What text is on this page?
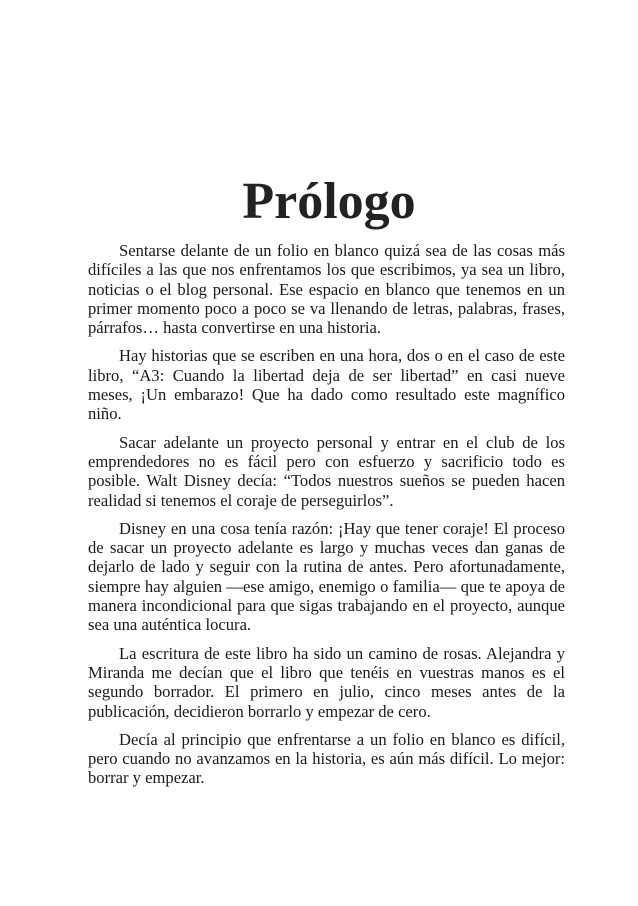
Prólogo

Sentarse delante de un folio en blanco quizá sea de las cosas más difíciles a las que nos enfrentamos los que escribimos, ya sea un libro, noticias o el blog personal. Ese espacio en blanco que tenemos en un primer momento poco a poco se va llenando de letras, palabras, frases, párrafos… hasta convertirse en una historia.

Hay historias que se escriben en una hora, dos o en el caso de este libro, “A3: Cuando la libertad deja de ser libertad” en casi nueve meses, ¡Un embarazo! Que ha dado como resultado este magnífico niño.

Sacar adelante un proyecto personal y entrar en el club de los emprendedores no es fácil pero con esfuerzo y sacrificio todo es posible. Walt Disney decía: “Todos nuestros sueños se pueden hacen realidad si tenemos el coraje de perseguirlos”.

Disney en una cosa tenía razón: ¡Hay que tener coraje! El proceso de sacar un proyecto adelante es largo y muchas veces dan ganas de dejarlo de lado y seguir con la rutina de antes. Pero afortunadamente, siempre hay alguien —ese amigo, enemigo o familia— que te apoya de manera incondicional para que sigas trabajando en el proyecto, aunque sea una auténtica locura.

La escritura de este libro ha sido un camino de rosas. Alejandra y Miranda me decían que el libro que tenéis en vuestras manos es el segundo borrador. El primero en julio, cinco meses antes de la publicación, decidieron borrarlo y empezar de cero.

Decía al principio que enfrentarse a un folio en blanco es difícil, pero cuando no avanzamos en la historia, es aún más difícil. Lo mejor: borrar y empezar.
